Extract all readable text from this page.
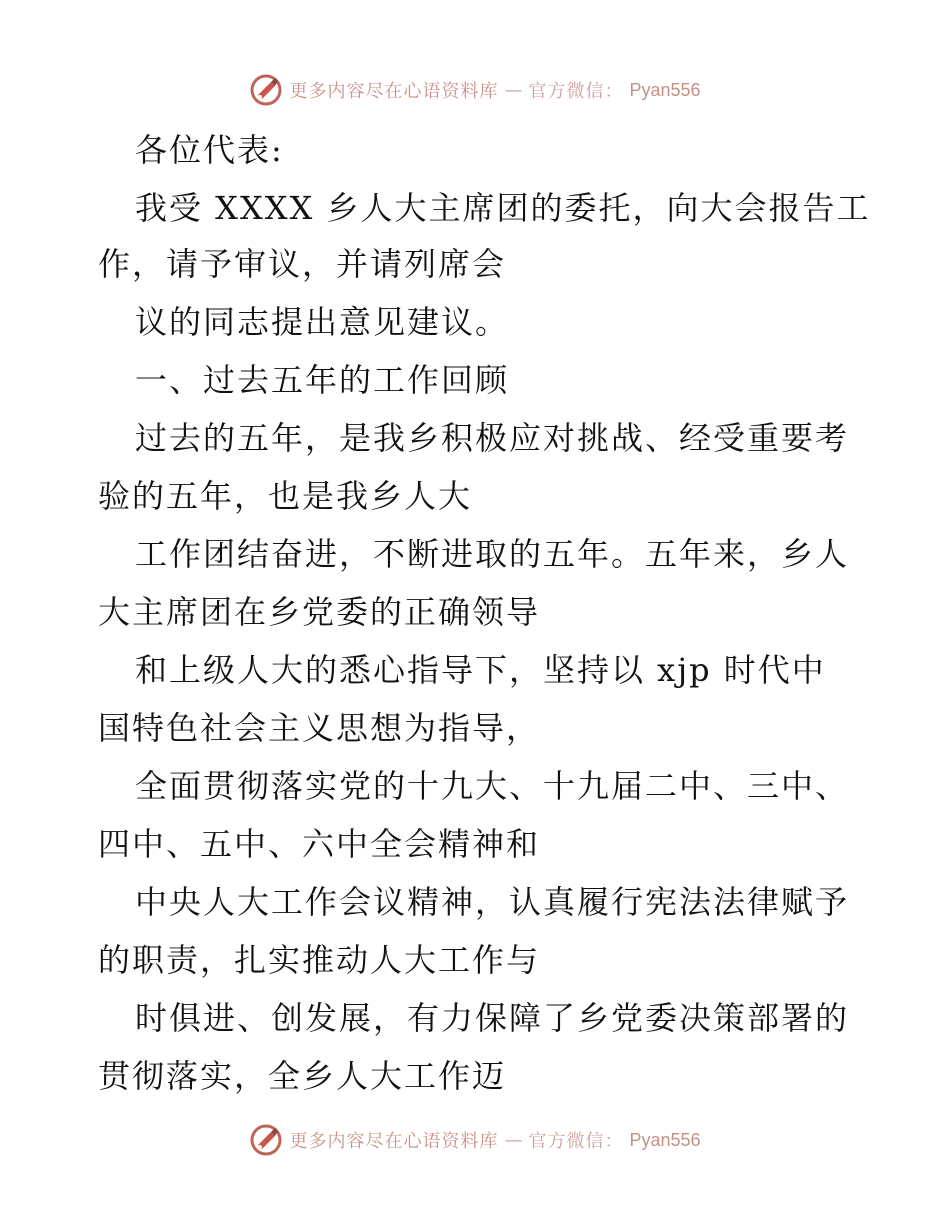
更多内容尽在心语资料库 — 官方微信： Pyan556
各位代表:
我受 XXXX 乡人大主席团的委托，向大会报告工
作，请予审议，并请列席会
议的同志提出意见建议。
一、过去五年的工作回顾
过去的五年，是我乡积极应对挑战、经受重要考
验的五年，也是我乡人大
工作团结奋进，不断进取的五年。五年来，乡人
大主席团在乡党委的正确领导
和上级人大的悉心指导下，坚持以 xjp 时代中
国特色社会主义思想为指导，
全面贯彻落实党的十九大、十九届二中、三中、
四中、五中、六中全会精神和
中央人大工作会议精神，认真履行宪法法律赋予
的职责，扎实推动人大工作与
时俱进、创发展，有力保障了乡党委决策部署的
贯彻落实，全乡人大工作迈
更多内容尽在心语资料库 — 官方微信： Pyan556
